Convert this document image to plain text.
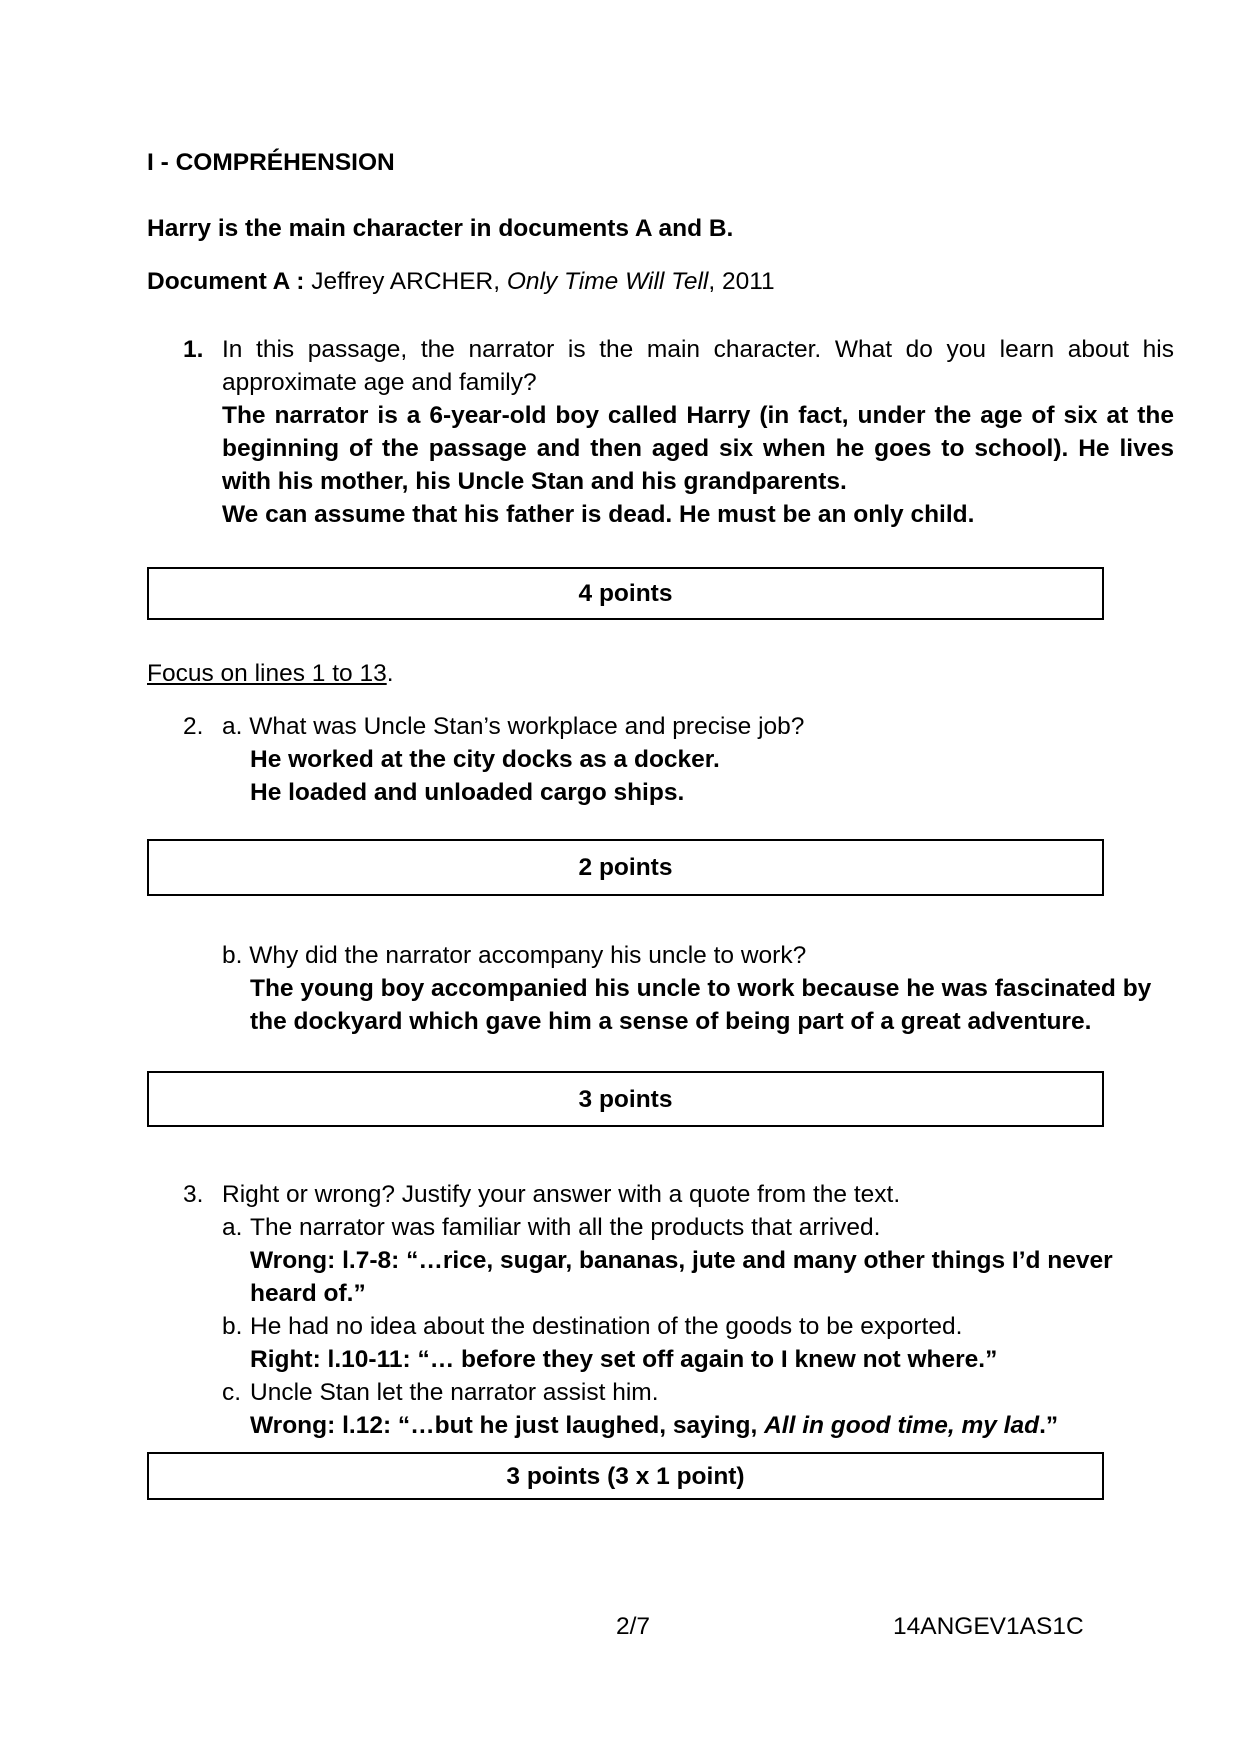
I - COMPRÉHENSION
Harry is the main character in documents A and B.
Document A : Jeffrey ARCHER, Only Time Will Tell, 2011
1. In this passage, the narrator is the main character. What do you learn about his approximate age and family?
The narrator is a 6-year-old boy called Harry (in fact, under the age of six at the beginning of the passage and then aged six when he goes to school). He lives with his mother, his Uncle Stan and his grandparents.
We can assume that his father is dead. He must be an only child.
4 points
Focus on lines 1 to 13.
2. a. What was Uncle Stan’s workplace and precise job?
He worked at the city docks as a docker.
He loaded and unloaded cargo ships.
2 points
b. Why did the narrator accompany his uncle to work?
The young boy accompanied his uncle to work because he was fascinated by the dockyard which gave him a sense of being part of a great adventure.
3 points
3. Right or wrong? Justify your answer with a quote from the text.
a. The narrator was familiar with all the products that arrived.
Wrong: l.7-8: “…rice, sugar, bananas, jute and many other things I’d never heard of.”
b. He had no idea about the destination of the goods to be exported.
Right: l.10-11: “… before they set off again to I knew not where.”
c. Uncle Stan let the narrator assist him.
Wrong: l.12: “…but he just laughed, saying, All in good time, my lad.”
3 points (3 x 1 point)
2/7	14ANGEV1AS1C
